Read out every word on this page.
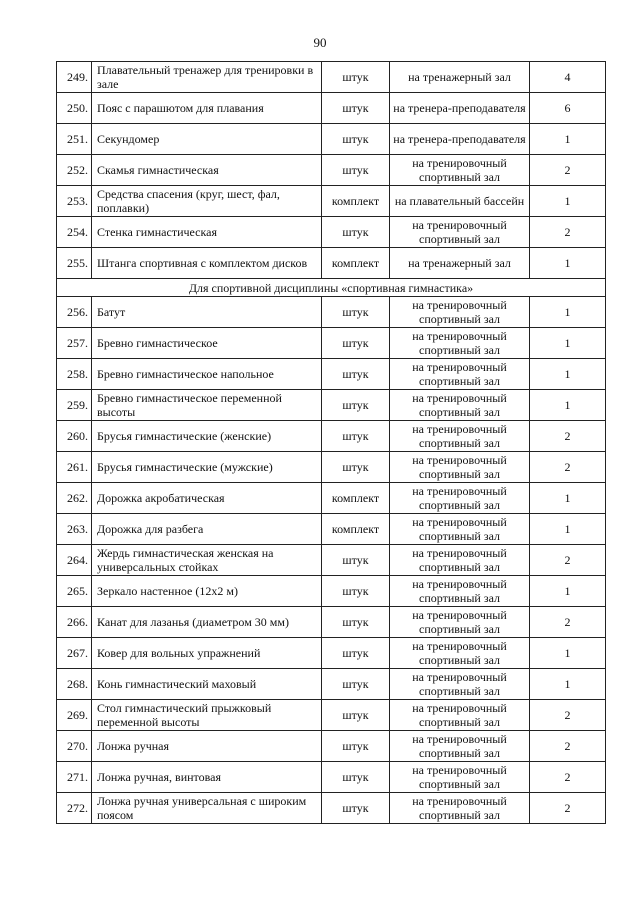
90
249.	Плавательный тренажер для тренировки в зале	штук	на тренажерный зал	4
250.	Пояс с парашютом для плавания	штук	на тренера-преподавателя	6
251.	Секундомер	штук	на тренера-преподавателя	1
252.	Скамья гимнастическая	штук	на тренировочный спортивный зал	2
253.	Средства спасения (круг, шест, фал, поплавки)	комплект	на плавательный бассейн	1
254.	Стенка гимнастическая	штук	на тренировочный спортивный зал	2
255.	Штанга спортивная с комплектом дисков	комплект	на тренажерный зал	1
Для спортивной дисциплины «спортивная гимнастика»				
256.	Батут	штук	на тренировочный спортивный зал	1
257.	Бревно гимнастическое	штук	на тренировочный спортивный зал	1
258.	Бревно гимнастическое напольное	штук	на тренировочный спортивный зал	1
259.	Бревно гимнастическое переменной высоты	штук	на тренировочный спортивный зал	1
260.	Брусья гимнастические (женские)	штук	на тренировочный спортивный зал	2
261.	Брусья гимнастические (мужские)	штук	на тренировочный спортивный зал	2
262.	Дорожка акробатическая	комплект	на тренировочный спортивный зал	1
263.	Дорожка для разбега	комплект	на тренировочный спортивный зал	1
264.	Жердь гимнастическая женская на универсальных стойках	штук	на тренировочный спортивный зал	2
265.	Зеркало настенное (12x2 м)	штук	на тренировочный спортивный зал	1
266.	Канат для лазанья (диаметром 30 мм)	штук	на тренировочный спортивный зал	2
267.	Ковер для вольных упражнений	штук	на тренировочный спортивный зал	1
268.	Конь гимнастический маховый	штук	на тренировочный спортивный зал	1
269.	Стол гимнастический прыжковый переменной высоты	штук	на тренировочный спортивный зал	2
270.	Лонжа ручная	штук	на тренировочный спортивный зал	2
271.	Лонжа ручная, винтовая	штук	на тренировочный спортивный зал	2
272.	Лонжа ручная универсальная с широким поясом	штук	на тренировочный спортивный зал	2
